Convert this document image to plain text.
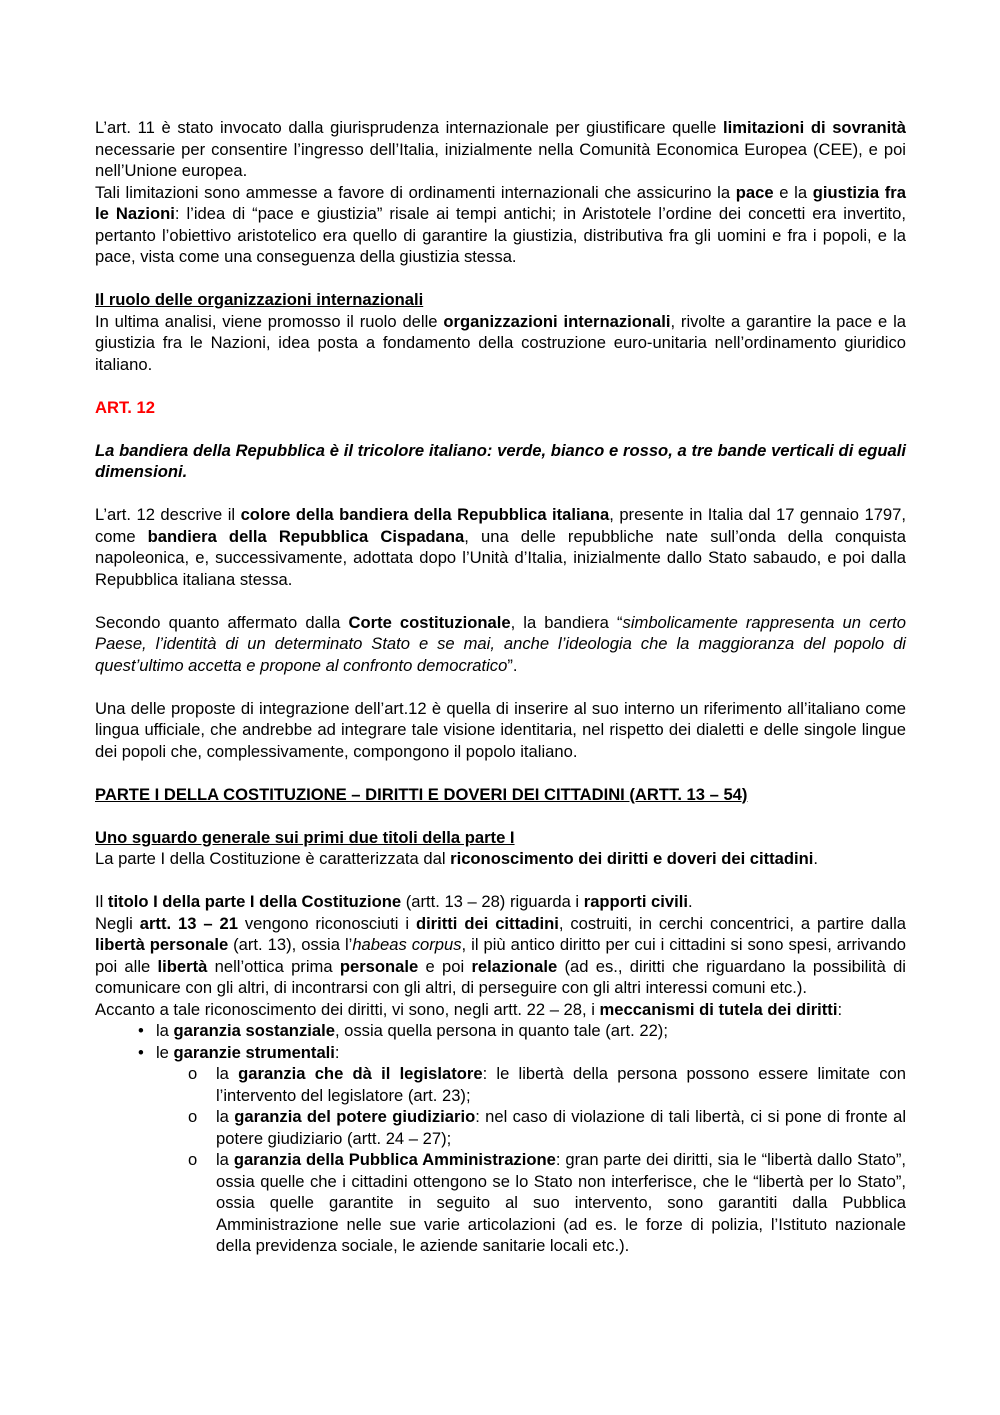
L’art. 11 è stato invocato dalla giurisprudenza internazionale per giustificare quelle limitazioni di sovranità necessarie per consentire l’ingresso dell’Italia, inizialmente nella Comunità Economica Europea (CEE), e poi nell’Unione europea.

Tali limitazioni sono ammesse a favore di ordinamenti internazionali che assicurino la pace e la giustizia fra le Nazioni: l’idea di “pace e giustizia” risale ai tempi antichi; in Aristotele l’ordine dei concetti era invertito, pertanto l’obiettivo aristotelico era quello di garantire la giustizia, distributiva fra gli uomini e fra i popoli, e la pace, vista come una conseguenza della giustizia stessa.

Il ruolo delle organizzazioni internazionali

In ultima analisi, viene promosso il ruolo delle organizzazioni internazionali, rivolte a garantire la pace e la giustizia fra le Nazioni, idea posta a fondamento della costruzione euro-unitaria nell’ordinamento giuridico italiano.

ART. 12

La bandiera della Repubblica è il tricolore italiano: verde, bianco e rosso, a tre bande verticali di eguali dimensioni.

L’art. 12 descrive il colore della bandiera della Repubblica italiana, presente in Italia dal 17 gennaio 1797, come bandiera della Repubblica Cispadana, una delle repubbliche nate sull’onda della conquista napoleonica, e, successivamente, adottata dopo l’Unità d’Italia, inizialmente dallo Stato sabaudo, e poi dalla Repubblica italiana stessa.

Secondo quanto affermato dalla Corte costituzionale, la bandiera “simbolicamente rappresenta un certo Paese, l’identità di un determinato Stato e se mai, anche l’ideologia che la maggioranza del popolo di quest’ultimo accetta e propone al confronto democratico”.

Una delle proposte di integrazione dell’art.12 è quella di inserire al suo interno un riferimento all’italiano come lingua ufficiale, che andrebbe ad integrare tale visione identitaria, nel rispetto dei dialetti e delle singole lingue dei popoli che, complessivamente, compongono il popolo italiano.

PARTE I DELLA COSTITUZIONE – DIRITTI E DOVERI DEI CITTADINI (ARTT. 13 – 54)

Uno sguardo generale sui primi due titoli della parte I

La parte I della Costituzione è caratterizzata dal riconoscimento dei diritti e doveri dei cittadini.

Il titolo I della parte I della Costituzione (artt. 13 – 28) riguarda i rapporti civili.

Negli artt. 13 – 21 vengono riconosciuti i diritti dei cittadini, costruiti, in cerchi concentrici, a partire dalla libertà personale (art. 13), ossia l’habeas corpus, il più antico diritto per cui i cittadini si sono spesi, arrivando poi alle libertà nell’ottica prima personale e poi relazionale (ad es., diritti che riguardano la possibilità di comunicare con gli altri, di incontrarsi con gli altri, di perseguire con gli altri interessi comuni etc.).

Accanto a tale riconoscimento dei diritti, vi sono, negli artt. 22 – 28, i meccanismi di tutela dei diritti:

• la garanzia sostanziale, ossia quella persona in quanto tale (art. 22);
• le garanzie strumentali:
o la garanzia che dà il legislatore: le libertà della persona possono essere limitate con l’intervento del legislatore (art. 23);
o la garanzia del potere giudiziario: nel caso di violazione di tali libertà, ci si pone di fronte al potere giudiziario (artt. 24 – 27);
o la garanzia della Pubblica Amministrazione: gran parte dei diritti, sia le “libertà dallo Stato”, ossia quelle che i cittadini ottengono se lo Stato non interferisce, che le “libertà per lo Stato”, ossia quelle garantite in seguito al suo intervento, sono garantiti dalla Pubblica Amministrazione nelle sue varie articolazioni (ad es. le forze di polizia, l’Istituto nazionale della previdenza sociale, le aziende sanitarie locali etc.).
